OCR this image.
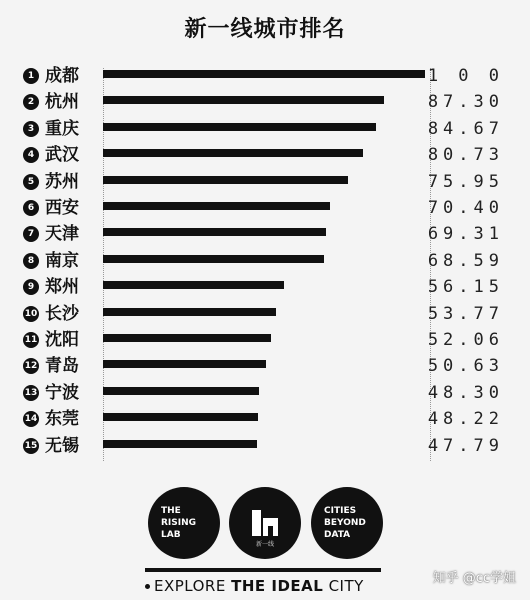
新一线城市排名
1 成都	1 0 0
2 杭州	87.30
3 重庆	84.67
4 武汉	80.73
5 苏州	75.95
6 西安	70.40
7 天津	69.31
8 南京	68.59
9 郑州	56.15
10 长沙	53.77
11 沈阳	52.06
12 青岛	50.63
13 宁波	48.30
14 东莞	48.22
15 无锡	47.79
THE
RISING
LAB
新一线
CITIES
BEYOND
DATA
EXPLORE THE IDEAL CITY	知乎 @cc学姐
